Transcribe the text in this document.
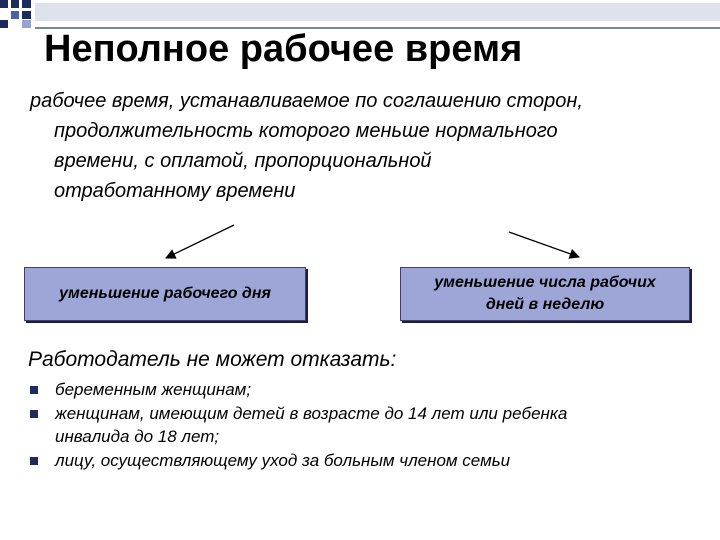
Неполное рабочее время

рабочее время, устанавливаемое по соглашению сторон,
продолжительность которого меньше нормального
времени, с оплатой, пропорциональной
отработанному времени

уменьшение рабочего дня
уменьшение числа рабочих
дней в неделю

Работодатель не может отказать:

беременным женщинам;
женщинам, имеющим детей в возрасте до 14 лет или ребенка
инвалида до 18 лет;
лицу, осуществляющему уход за больным членом семьи
